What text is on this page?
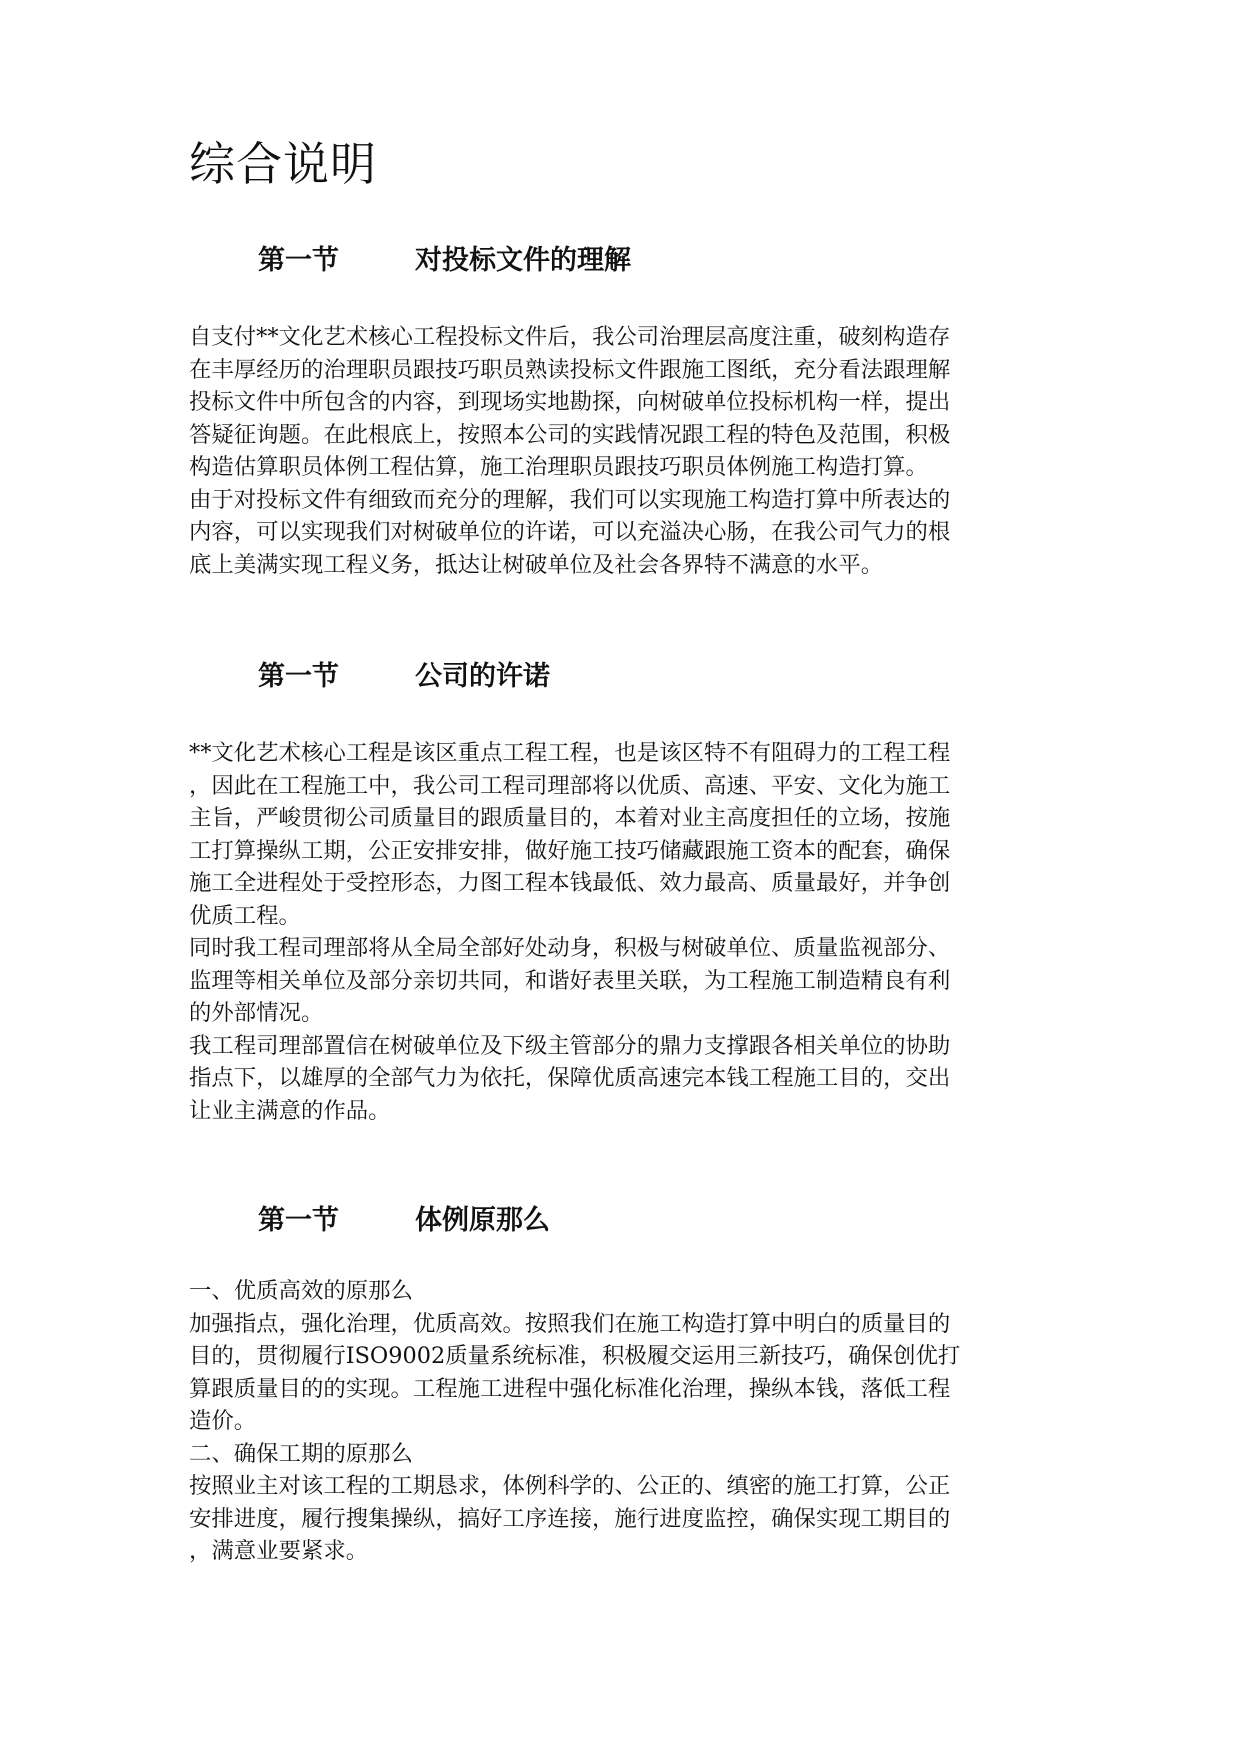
综合说明
第一节	对投标文件的理解

自支付**文化艺术核心工程投标文件后，我公司治理层高度注重，破刻构造存

在丰厚经历的治理职员跟技巧职员熟读投标文件跟施工图纸，充分看法跟理解

投标文件中所包含的内容，到现场实地勘探，向树破单位投标机构一样，提出

答疑征询题。在此根底上，按照本公司的实践情况跟工程的特色及范围，积极

构造估算职员体例工程估算，施工治理职员跟技巧职员体例施工构造打算。

由于对投标文件有细致而充分的理解，我们可以实现施工构造打算中所表达的

内容，可以实现我们对树破单位的许诺，可以充溢决心肠，在我公司气力的根

底上美满实现工程义务，抵达让树破单位及社会各界特不满意的水平。

第一节	公司的许诺

**文化艺术核心工程是该区重点工程工程，也是该区特不有阻碍力的工程工程

，因此在工程施工中，我公司工程司理部将以优质、高速、平安、文化为施工

主旨，严峻贯彻公司质量目的跟质量目的，本着对业主高度担任的立场，按施

工打算操纵工期，公正安排安排，做好施工技巧储藏跟施工资本的配套，确保

施工全进程处于受控形态，力图工程本钱最低、效力最高、质量最好，并争创

优质工程。

同时我工程司理部将从全局全部好处动身，积极与树破单位、质量监视部分、

监理等相关单位及部分亲切共同，和谐好表里关联，为工程施工制造精良有利

的外部情况。

我工程司理部置信在树破单位及下级主管部分的鼎力支撑跟各相关单位的协助

指点下，以雄厚的全部气力为依托，保障优质高速完本钱工程施工目的，交出

让业主满意的作品。

第一节	体例原那么

一、优质高效的原那么

加强指点，强化治理，优质高效。按照我们在施工构造打算中明白的质量目的

目的，贯彻履行ISO9002质量系统标准，积极履交运用三新技巧，确保创优打

算跟质量目的的实现。工程施工进程中强化标准化治理，操纵本钱，落低工程

造价。

二、确保工期的原那么

按照业主对该工程的工期恳求，体例科学的、公正的、缜密的施工打算，公正

安排进度，履行搜集操纵，搞好工序连接，施行进度监控，确保实现工期目的

，满意业要紧求。
